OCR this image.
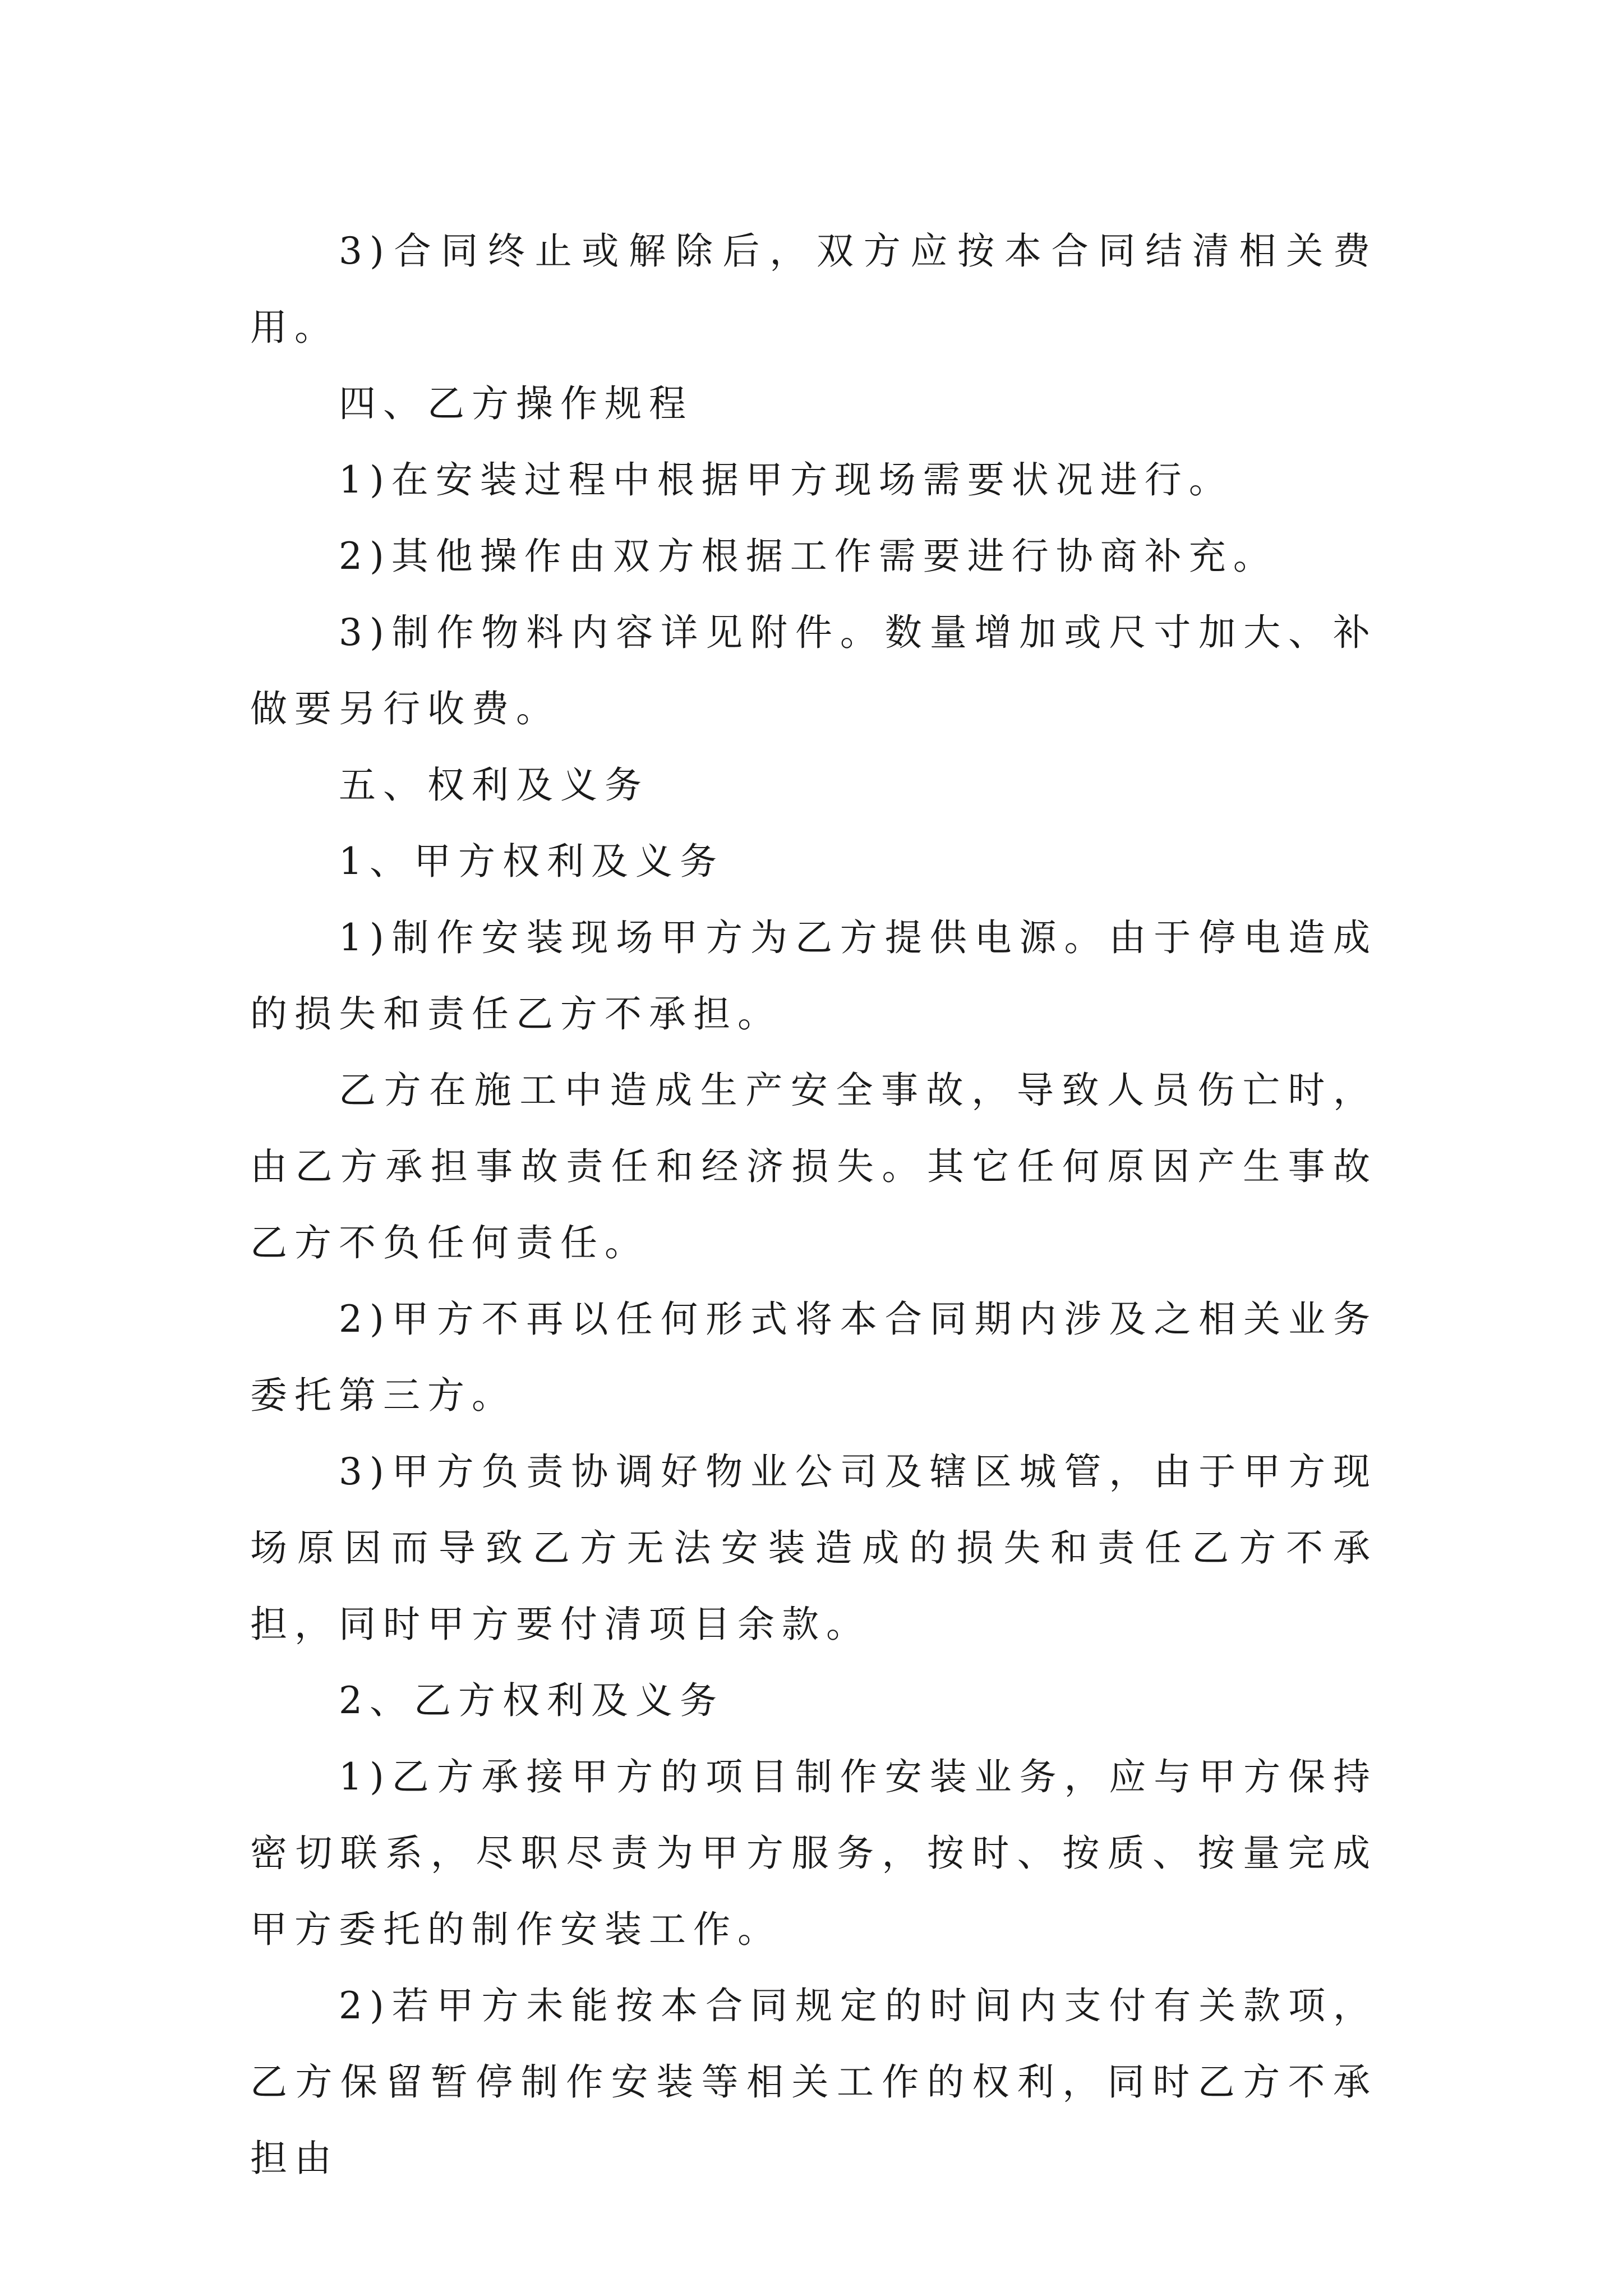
3)合同终止或解除后，双方应按本合同结清相关费用。

四、乙方操作规程

1)在安装过程中根据甲方现场需要状况进行。

2)其他操作由双方根据工作需要进行协商补充。

3)制作物料内容详见附件。数量增加或尺寸加大、补做要另行收费。

五、权利及义务

1、甲方权利及义务

1)制作安装现场甲方为乙方提供电源。由于停电造成的损失和责任乙方不承担。

乙方在施工中造成生产安全事故，导致人员伤亡时，由乙方承担事故责任和经济损失。其它任何原因产生事故乙方不负任何责任。

2)甲方不再以任何形式将本合同期内涉及之相关业务委托第三方。

3)甲方负责协调好物业公司及辖区城管，由于甲方现场原因而导致乙方无法安装造成的损失和责任乙方不承担，同时甲方要付清项目余款。

2、乙方权利及义务

1)乙方承接甲方的项目制作安装业务，应与甲方保持密切联系，尽职尽责为甲方服务，按时、按质、按量完成甲方委托的制作安装工作。

2)若甲方未能按本合同规定的时间内支付有关款项，乙方保留暂停制作安装等相关工作的权利，同时乙方不承担由
